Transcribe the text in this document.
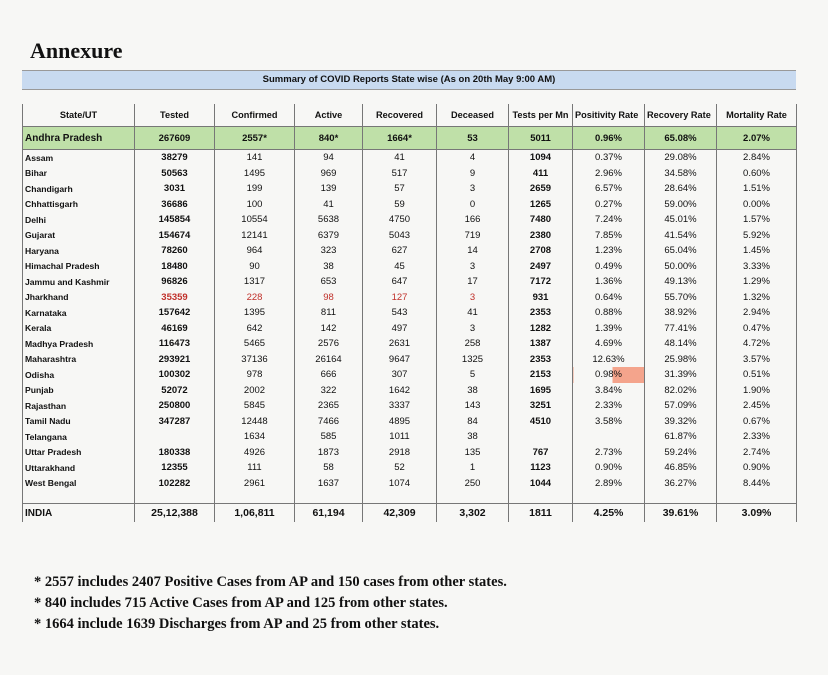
Annexure
Summary of COVID Reports State wise (As on 20th May 9:00 AM)
State/UT	Tested	Confirmed	Active	Recovered	Deceased	Tests per Mn	Positivity Rate	Recovery Rate	Mortality Rate
Andhra Pradesh	267609	2557*	840*	1664*	53	5011	0.96%	65.08%	2.07%
Assam	38279	141	94	41	4	1094	0.37%	29.08%	2.84%
Bihar	50563	1495	969	517	9	411	2.96%	34.58%	0.60%
Chandigarh	3031	199	139	57	3	2659	6.57%	28.64%	1.51%
Chhattisgarh	36686	100	41	59	0	1265	0.27%	59.00%	0.00%
Delhi	145854	10554	5638	4750	166	7480	7.24%	45.01%	1.57%
Gujarat	154674	12141	6379	5043	719	2380	7.85%	41.54%	5.92%
Haryana	78260	964	323	627	14	2708	1.23%	65.04%	1.45%
Himachal Pradesh	18480	90	38	45	3	2497	0.49%	50.00%	3.33%
Jammu and Kashmir	96826	1317	653	647	17	7172	1.36%	49.13%	1.29%
Jharkhand	35359	228	98	127	3	931	0.64%	55.70%	1.32%
Karnataka	157642	1395	811	543	41	2353	0.88%	38.92%	2.94%
Kerala	46169	642	142	497	3	1282	1.39%	77.41%	0.47%
Madhya Pradesh	116473	5465	2576	2631	258	1387	4.69%	48.14%	4.72%
Maharashtra	293921	37136	26164	9647	1325	2353	12.63%	25.98%	3.57%
Odisha	100302	978	666	307	5	2153	0.98%	31.39%	0.51%
Punjab	52072	2002	322	1642	38	1695	3.84%	82.02%	1.90%
Rajasthan	250800	5845	2365	3337	143	3251	2.33%	57.09%	2.45%
Tamil Nadu	347287	12448	7466	4895	84	4510	3.58%	39.32%	0.67%
Telangana		1634	585	1011	38			61.87%	2.33%
Uttar Pradesh	180338	4926	1873	2918	135	767	2.73%	59.24%	2.74%
Uttarakhand	12355	111	58	52	1	1123	0.90%	46.85%	0.90%
West Bengal	102282	2961	1637	1074	250	1044	2.89%	36.27%	8.44%

INDIA	25,12,388	1,06,811	61,194	42,309	3,302	1811	4.25%	39.61%	3.09%
* 2557 includes 2407 Positive Cases from AP and 150 cases from other states.
* 840 includes 715 Active Cases from AP and 125 from other states.
* 1664 include 1639 Discharges from AP and 25 from other states.
